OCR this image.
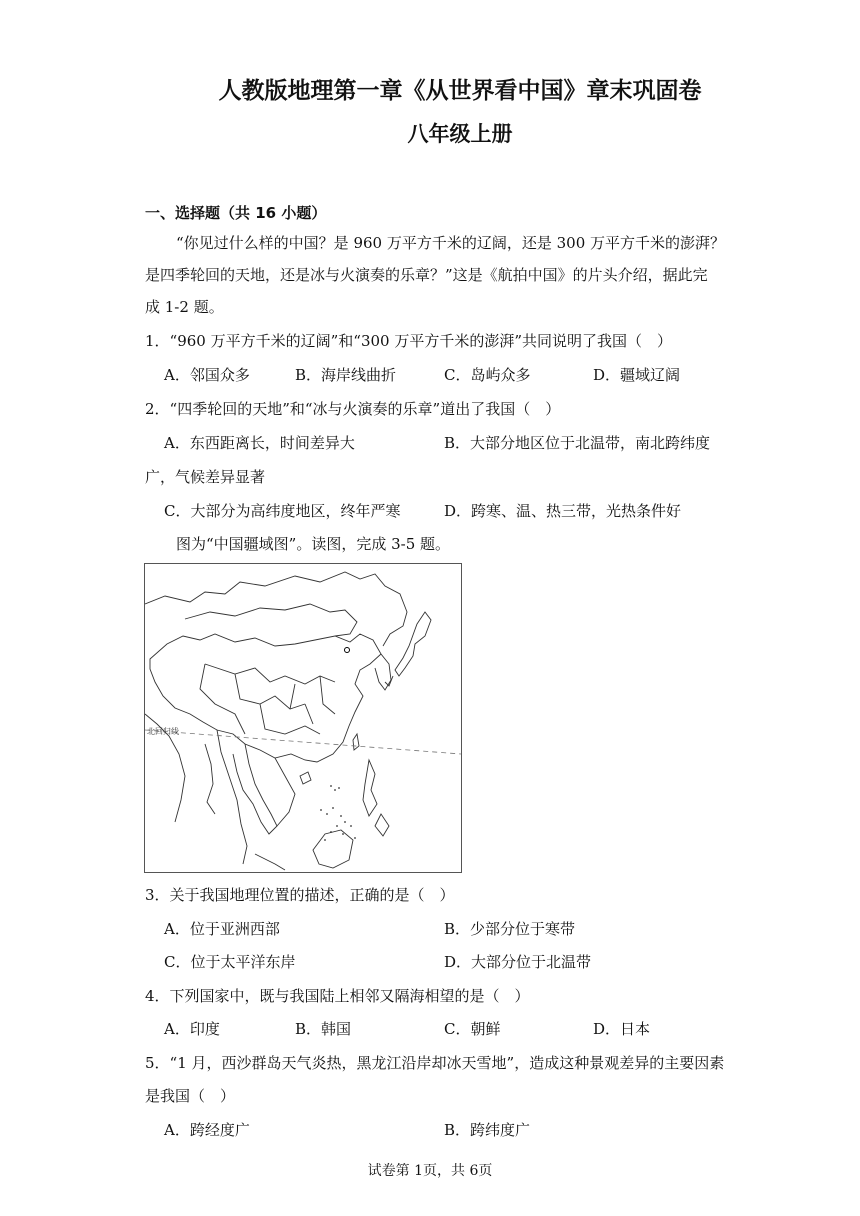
人教版地理第一章《从世界看中国》章末巩固卷
八年级上册
一、选择题（共 16 小题）
“你见过什么样的中国？是 960 万平方千米的辽阔，还是 300 万平方千米的澎湃？
是四季轮回的天地，还是冰与火演奏的乐章？”这是《航拍中国》的片头介绍，据此完
成 1-2 题。
1．“960 万平方千米的辽阔”和“300 万平方千米的澎湃”共同说明了我国（　）
A．邻国众多	B．海岸线曲折	C．岛屿众多	D．疆域辽阔
2．“四季轮回的天地”和“冰与火演奏的乐章”道出了我国（　）
A．东西距离长，时间差异大	B．大部分地区位于北温带，南北跨纬度
广，气候差异显著
C．大部分为高纬度地区，终年严寒	D．跨寒、温、热三带，光热条件好
图为“中国疆域图”。读图，完成 3-5 题。
北回归线
3．关于我国地理位置的描述，正确的是（　）
A．位于亚洲西部	B．少部分位于寒带
C．位于太平洋东岸	D．大部分位于北温带
4．下列国家中，既与我国陆上相邻又隔海相望的是（　）
A．印度	B．韩国	C．朝鲜	D．日本
5．“1 月，西沙群岛天气炎热，黑龙江沿岸却冰天雪地”，造成这种景观差异的主要因素
是我国（　）
A．跨经度广	B．跨纬度广
试卷第 1页，共 6页
